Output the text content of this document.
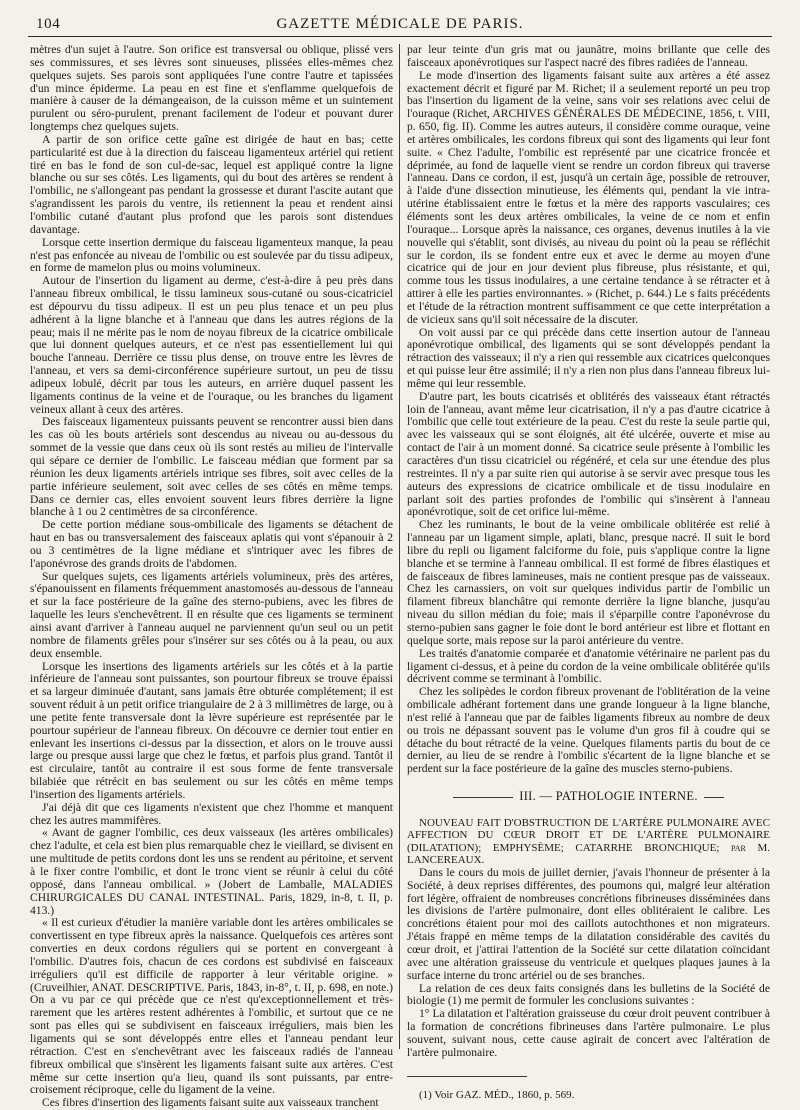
104	GAZETTE MÉDICALE DE PARIS.

mètres d'un sujet à l'autre. Son orifice est transversal ou oblique, plissé vers ses commissures, et ses lèvres sont sinueuses, plissées elles-mêmes chez quelques sujets. Ses parois sont appliquées l'une contre l'autre et tapissées d'un mince épiderme. La peau en est fine et s'enflamme quelquefois de manière à causer de la démangeaison, de la cuisson même et un suintement purulent ou séro-purulent, prenant facilement de l'odeur et pouvant durer longtemps chez quelques sujets.

A partir de son orifice cette gaîne est dirigée de haut en bas; cette particularité est due à la direction du faisceau ligamenteux artériel qui retient tiré en bas le fond de son cul-de-sac, lequel est appliqué contre la ligne blanche ou sur ses côtés. Les ligaments, qui du bout des artères se rendent à l'ombilic, ne s'allongeant pas pendant la grossesse et durant l'ascite autant que s'agrandissent les parois du ventre, ils retiennent la peau et rendent ainsi l'ombilic cutané d'autant plus profond que les parois sont distendues davantage.

Lorsque cette insertion dermique du faisceau ligamenteux manque, la peau n'est pas enfoncée au niveau de l'ombilic ou est soulevée par du tissu adipeux, en forme de mamelon plus ou moins volumineux.

Autour de l'insertion du ligament au derme, c'est-à-dire à peu près dans l'anneau fibreux ombilical, le tissu lamineux sous-cutané ou sous-cicatriciel est dépourvu du tissu adipeux. Il est un peu plus tenace et un peu plus adhérent à la ligne blanche et à l'anneau que dans les autres régions de la peau; mais il ne mérite pas le nom de noyau fibreux de la cicatrice ombilicale que lui donnent quelques auteurs, et ce n'est pas essentiellement lui qui bouche l'anneau. Derrière ce tissu plus dense, on trouve entre les lèvres de l'anneau, et vers sa demi-circonférence supérieure surtout, un peu de tissu adipeux lobulé, décrit par tous les auteurs, en arrière duquel passent les ligaments continus de la veine et de l'ouraque, ou les branches du ligament veineux allant à ceux des artères.

Des faisceaux ligamenteux puissants peuvent se rencontrer aussi bien dans les cas où les bouts artériels sont descendus au niveau ou au-dessous du sommet de la vessie que dans ceux où ils sont restés au milieu de l'intervalle qui sépare ce dernier de l'ombilic. Le faisceau médian que forment par sa réunion les deux ligaments artériels intrique ses fibres, soit avec celles de la partie inférieure seulement, soit avec celles de ses côtés en même temps. Dans ce dernier cas, elles envoient souvent leurs fibres derrière la ligne blanche à 1 ou 2 centimètres de sa circonférence.

De cette portion médiane sous-ombilicale des ligaments se détachent de haut en bas ou transversalement des faisceaux aplatis qui vont s'épanouir à 2 ou 3 centimètres de la ligne médiane et s'intriquer avec les fibres de l'aponévrose des grands droits de l'abdomen.

Sur quelques sujets, ces ligaments artériels volumineux, près des artères, s'épanouissent en filaments fréquemment anastomosés au-dessous de l'anneau et sur la face postérieure de la gaîne des sterno-pubiens, avec les fibres de laquelle les leurs s'enchevêtrent. Il en résulte que ces ligaments se terminent ainsi avant d'arriver à l'anneau auquel ne parviennent qu'un seul ou un petit nombre de filaments grêles pour s'insérer sur ses côtés ou à la peau, ou aux deux ensemble.

Lorsque les insertions des ligaments artériels sur les côtés et à la partie inférieure de l'anneau sont puissantes, son pourtour fibreux se trouve épaissi et sa largeur diminuée d'autant, sans jamais être obturée complétement; il est souvent réduit à un petit orifice triangulaire de 2 à 3 millimètres de large, ou à une petite fente transversale dont la lèvre supérieure est représentée par le pourtour supérieur de l'anneau fibreux. On découvre ce dernier tout entier en enlevant les insertions ci-dessus par la dissection, et alors on le trouve aussi large ou presque aussi large que chez le fœtus, et parfois plus grand. Tantôt il est circulaire, tantôt au contraire il est sous forme de fente transversale bilabiée que rétrécit en bas seulement ou sur les côtés en même temps l'insertion des ligaments artériels.

J'ai déjà dit que ces ligaments n'existent que chez l'homme et manquent chez les autres mammifères.

« Avant de gagner l'ombilic, ces deux vaisseaux (les artères ombilicales) chez l'adulte, et cela est bien plus remarquable chez le vieillard, se divisent en une multitude de petits cordons dont les uns se rendent au péritoine, et servent à le fixer contre l'ombilic, et dont le tronc vient se réunir à celui du côté opposé, dans l'anneau ombilical. » (Jobert de Lamballe, MALADIES CHIRURGICALES DU CANAL INTESTINAL. Paris, 1829, in-8, t. II, p. 413.)

« Il est curieux d'étudier la manière variable dont les artères ombilicales se convertissent en type fibreux après la naissance. Quelquefois ces artères sont converties en deux cordons réguliers qui se portent en convergeant à l'ombilic. D'autres fois, chacun de ces cordons est subdivisé en faisceaux irréguliers qu'il est difficile de rapporter à leur véritable origine. » (Cruveilhier, ANAT. DESCRIPTIVE. Paris, 1843, in-8°, t. II, p. 698, en note.) On a vu par ce qui précède que ce n'est qu'exceptionnellement et très-rarement que les artères restent adhérentes à l'ombilic, et surtout que ce ne sont pas elles qui se subdivisent en faisceaux irréguliers, mais bien les ligaments qui se sont développés entre elles et l'anneau pendant leur rétraction. C'est en s'enchevêtrant avec les faisceaux radiés de l'anneau fibreux ombilical que s'insèrent les ligaments faisant suite aux artères. C'est même sur cette insertion qu'a lieu, quand ils sont puissants, par entre-croisement réciproque, celle du ligament de la veine.

Ces fibres d'insertion des ligaments faisant suite aux vaisseaux tranchent

par leur teinte d'un gris mat ou jaunâtre, moins brillante que celle des faisceaux aponévrotiques sur l'aspect nacré des fibres radiées de l'anneau.

Le mode d'insertion des ligaments faisant suite aux artères a été assez exactement décrit et figuré par M. Richet; il a seulement reporté un peu trop bas l'insertion du ligament de la veine, sans voir ses relations avec celui de l'ouraque (Richet, ARCHIVES GÉNÉRALES DE MÉDECINE, 1856, t. VIII, p. 650, fig. II). Comme les autres auteurs, il considère comme ouraque, veine et artères ombilicales, les cordons fibreux qui sont des ligaments qui leur font suite. « Chez l'adulte, l'ombilic est représenté par une cicatrice froncée et déprimée, au fond de laquelle vient se rendre un cordon fibreux qui traverse l'anneau. Dans ce cordon, il est, jusqu'à un certain âge, possible de retrouver, à l'aide d'une dissection minutieuse, les éléments qui, pendant la vie intra-utérine établissaient entre le fœtus et la mère des rapports vasculaires; ces éléments sont les deux artères ombilicales, la veine de ce nom et enfin l'ouraque... Lorsque après la naissance, ces organes, devenus inutiles à la vie nouvelle qui s'établit, sont divisés, au niveau du point où la peau se réfléchit sur le cordon, ils se fondent entre eux et avec le derme au moyen d'une cicatrice qui de jour en jour devient plus fibreuse, plus résistante, et qui, comme tous les tissus inodulaires, a une certaine tendance à se rétracter et à attirer à elle les parties environnantes. » (Richet, p. 644.) Le s faits précédents et l'étude de la rétraction montrent suffisamment ce que cette interprétation a de vicieux sans qu'il soit nécessaire de la discuter.

On voit aussi par ce qui précède dans cette insertion autour de l'anneau aponévrotique ombilical, des ligaments qui se sont développés pendant la rétraction des vaisseaux; il n'y a rien qui ressemble aux cicatrices quelconques et qui puisse leur être assimilé; il n'y a rien non plus dans l'anneau fibreux lui-même qui leur ressemble.

D'autre part, les bouts cicatrisés et oblitérés des vaisseaux étant rétractés loin de l'anneau, avant même leur cicatrisation, il n'y a pas d'autre cicatrice à l'ombilic que celle tout extérieure de la peau. C'est du reste la seule partie qui, avec les vaisseaux qui se sont éloignés, ait été ulcérée, ouverte et mise au contact de l'air à un moment donné. Sa cicatrice seule présente à l'ombilic les caractères d'un tissu cicatriciel ou régénéré, et cela sur une étendue des plus restreintes. Il n'y a par suite rien qui autorise à se servir avec presque tous les auteurs des expressions de cicatrice ombilicale et de tissu inodulaire en parlant soit des parties profondes de l'ombilic qui s'insèrent à l'anneau aponévrotique, soit de cet orifice lui-même.

Chez les ruminants, le bout de la veine ombilicale oblitérée est relié à l'anneau par un ligament simple, aplati, blanc, presque nacré. Il suit le bord libre du repli ou ligament falciforme du foie, puis s'applique contre la ligne blanche et se termine à l'anneau ombilical. Il est formé de fibres élastiques et de faisceaux de fibres lamineuses, mais ne contient presque pas de vaisseaux. Chez les carnassiers, on voit sur quelques individus partir de l'ombilic un filament fibreux blanchâtre qui remonte derrière la ligne blanche, jusqu'au niveau du sillon médian du foie; mais il s'éparpille contre l'aponévrose du sterno-pubien sans gagner le foie dont le bord antérieur est libre et flottant en quelque sorte, mais repose sur la paroi antérieure du ventre.

Les traités d'anatomie comparée et d'anatomie vétérinaire ne parlent pas du ligament ci-dessus, et à peine du cordon de la veine ombilicale oblitérée qu'ils décrivent comme se terminant à l'ombilic.

Chez les solipèdes le cordon fibreux provenant de l'oblitération de la veine ombilicale adhérant fortement dans une grande longueur à la ligne blanche, n'est relié à l'anneau que par de faibles ligaments fibreux au nombre de deux ou trois ne dépassant souvent pas le volume d'un gros fil à coudre qui se détache du bout rétracté de la veine. Quelques filaments partis du bout de ce dernier, au lieu de se rendre à l'ombilic s'écartent de la ligne blanche et se perdent sur la face postérieure de la gaîne des muscles sterno-pubiens.

III. — PATHOLOGIE INTERNE.

NOUVEAU FAIT D'OBSTRUCTION DE L'ARTÈRE PULMONAIRE AVEC AFFECTION DU CŒUR DROIT ET DE L'ARTÈRE PULMONAIRE (DILATATION); EMPHYSÈME; CATARRHE BRONCHIQUE; par M. LANCEREAUX.

Dans le cours du mois de juillet dernier, j'avais l'honneur de présenter à la Société, à deux reprises différentes, des poumons qui, malgré leur altération fort légère, offraient de nombreuses concrétions fibrineuses disséminées dans les divisions de l'artère pulmonaire, dont elles oblitéraient le calibre. Les concrétions étaient pour moi des caillots autochthones et non migrateurs. J'étais frappé en même temps de la dilatation considérable des cavités du cœur droit, et j'attirai l'attention de la Société sur cette dilatation coïncidant avec une altération graisseuse du ventricule et quelques plaques jaunes à la surface interne du tronc artériel ou de ses branches.

La relation de ces deux faits consignés dans les bulletins de la Société de biologie (1) me permit de formuler les conclusions suivantes :

1° La dilatation et l'altération graisseuse du cœur droit peuvent contribuer à la formation de concrétions fibrineuses dans l'artère pulmonaire. Le plus souvent, suivant nous, cette cause agirait de concert avec l'altération de l'artère pulmonaire.

(1) Voir GAZ. MÉD., 1860, p. 569.
